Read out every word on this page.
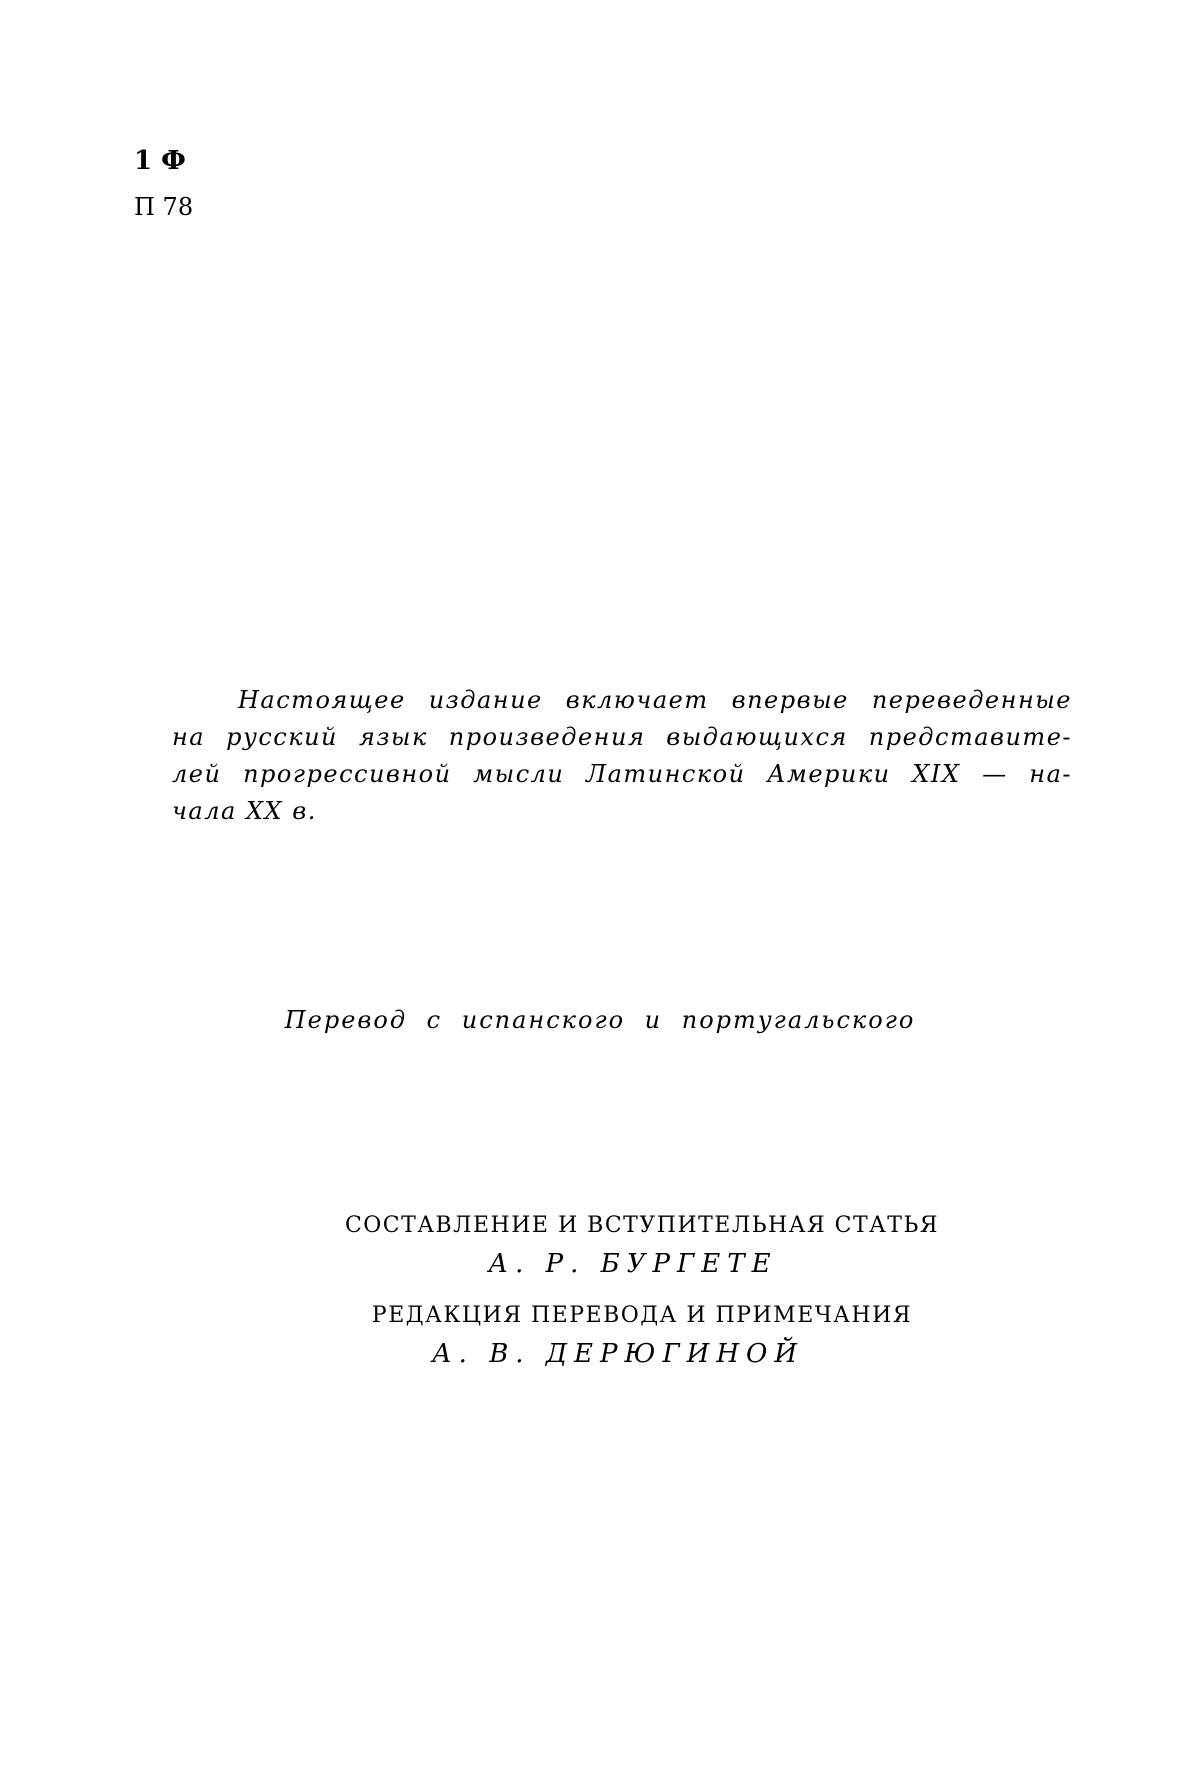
1 Ф
П 78
Настоящее издание включает впервые переведенные
на русский язык произведения выдающихся представите-
лей прогрессивной мысли Латинской Америки XIX — на-
чала XX в.
Перевод с испанского и португальского
СОСТАВЛЕНИЕ И ВСТУПИТЕЛЬНАЯ СТАТЬЯ
А. Р. БУРГЕТЕ
РЕДАКЦИЯ ПЕРЕВОДА И ПРИМЕЧАНИЯ
А. В. ДЕРЮГИНОЙ
